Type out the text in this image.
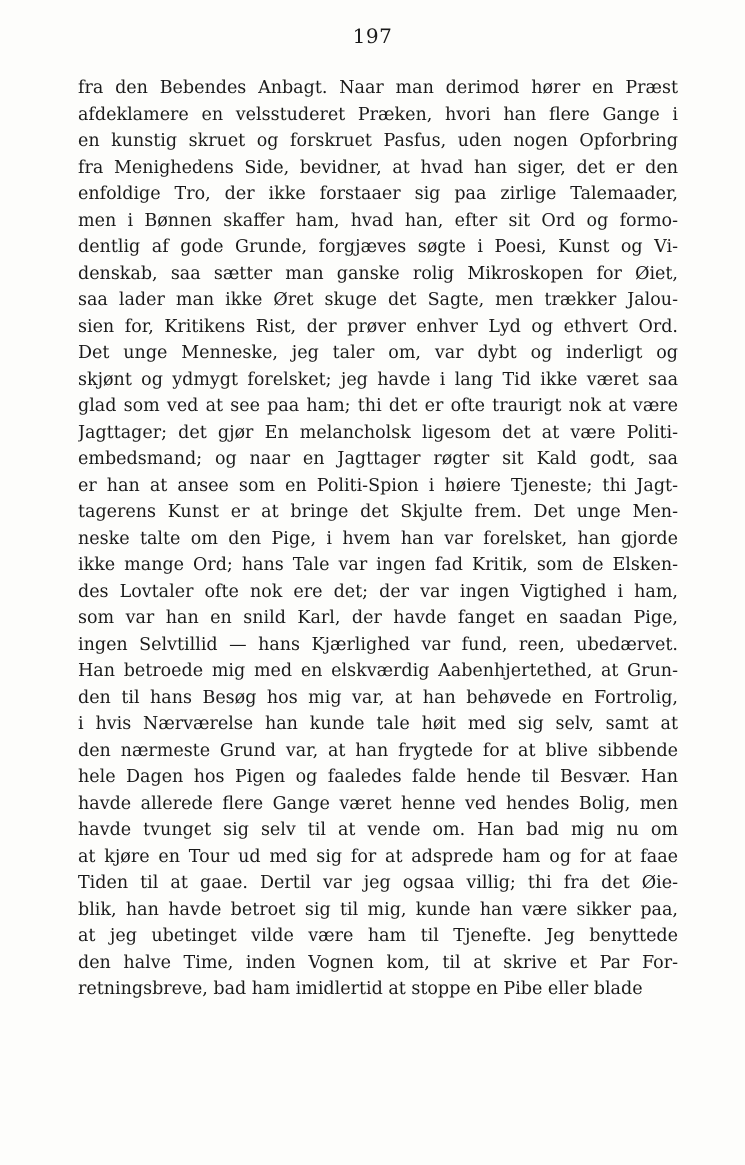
197
fra den Bebendes Anbagt. Naar man derimod hører en Præst
afdeklamere en velsstuderet Præken, hvori han flere Gange i
en kunstig skruet og forskruet Pasfus, uden nogen Opforbring
fra Menighedens Side, bevidner, at hvad han siger, det er den
enfoldige Tro, der ikke forstaaer sig paa zirlige Talemaader,
men i Bønnen skaffer ham, hvad han, efter sit Ord og formo-
dentlig af gode Grunde, forgjæves søgte i Poesi, Kunst og Vi-
denskab, saa sætter man ganske rolig Mikroskopen for Øiet,
saa lader man ikke Øret skuge det Sagte, men trækker Jalou-
sien for, Kritikens Rist, der prøver enhver Lyd og ethvert Ord.
Det unge Menneske, jeg taler om, var dybt og inderligt og
skjønt og ydmygt forelsket; jeg havde i lang Tid ikke været saa
glad som ved at see paa ham; thi det er ofte traurigt nok at være
Jagttager; det gjør En melancholsk ligesom det at være Politi-
embedsmand; og naar en Jagttager røgter sit Kald godt, saa
er han at ansee som en Politi-Spion i høiere Tjeneste; thi Jagt-
tagerens Kunst er at bringe det Skjulte frem. Det unge Men-
neske talte om den Pige, i hvem han var forelsket, han gjorde
ikke mange Ord; hans Tale var ingen fad Kritik, som de Elsken-
des Lovtaler ofte nok ere det; der var ingen Vigtighed i ham,
som var han en snild Karl, der havde fanget en saadan Pige,
ingen Selvtillid — hans Kjærlighed var fund, reen, ubedærvet.
Han betroede mig med en elskværdig Aabenhjertethed, at Grun-
den til hans Besøg hos mig var, at han behøvede en Fortrolig,
i hvis Nærværelse han kunde tale høit med sig selv, samt at
den nærmeste Grund var, at han frygtede for at blive sibbende
hele Dagen hos Pigen og faaledes falde hende til Besvær. Han
havde allerede flere Gange været henne ved hendes Bolig, men
havde tvunget sig selv til at vende om. Han bad mig nu om
at kjøre en Tour ud med sig for at adsprede ham og for at faae
Tiden til at gaae. Dertil var jeg ogsaa villig; thi fra det Øie-
blik, han havde betroet sig til mig, kunde han være sikker paa,
at jeg ubetinget vilde være ham til Tjenefte. Jeg benyttede
den halve Time, inden Vognen kom, til at skrive et Par For-
retningsbreve, bad ham imidlertid at stoppe en Pibe eller blade
